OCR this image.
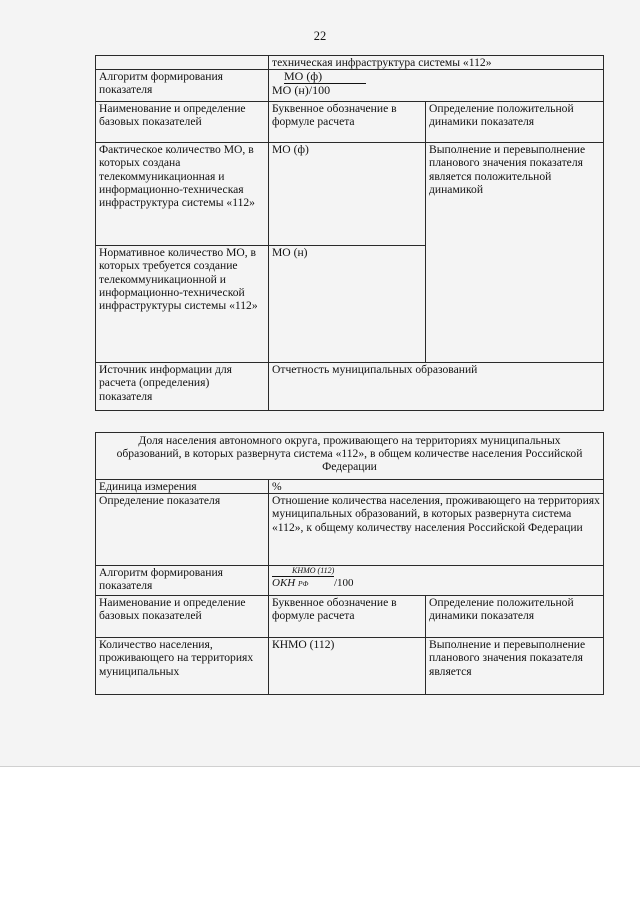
22
	техническая инфраструктура системы «112»	
Алгоритм формирования показателя	МО (ф)
МО (н)/100	

Наименование и определение базовых показателей	Буквенное обозначение в формуле расчета	Определение положительной динамики показателя
Фактическое количество МО, в которых создана телекоммуникационная и информационно-техническая инфраструктура системы «112»	МО (ф)	Выполнение и перевыполнение планового значения показателя является положительной динамикой
Нормативное количество МО, в которых требуется создание телекоммуникационной и информационно-технической инфраструктуры системы «112»	МО (н)	
Источник информации для расчета (определения) показателя	Отчетность муниципальных образований	
Доля населения автономного округа, проживающего на территориях муниципальных образований, в которых развернута система «112», в общем количестве населения Российской Федерации		
Единица измерения	%	
Определение показателя	Отношение количества населения, проживающего на территориях муниципальных образований, в которых развернута система «112», к общему количеству населения Российской Федерации	
Алгоритм формирования показателя	КНМО (112)
ОКН РФ /100	

Наименование и определение базовых показателей	Буквенное обозначение в формуле расчета	Определение положительной динамики показателя
Количество населения, проживающего на территориях муниципальных	КНМО (112)	Выполнение и перевыполнение планового значения показателя является
